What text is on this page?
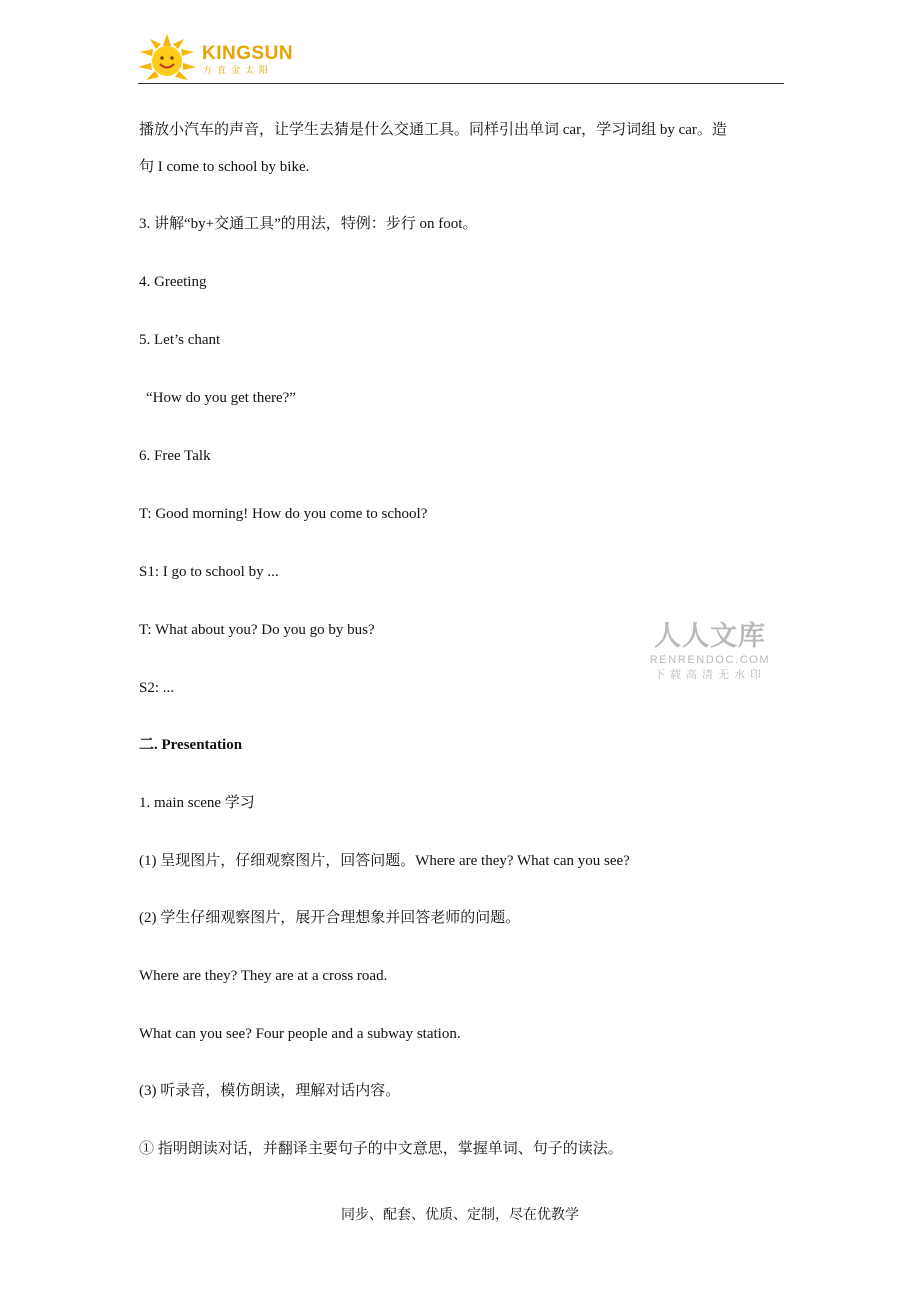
KINGSUN
方直金太阳
播放小汽车的声音，让学生去猜是什么交通工具。同样引出单词 car，学习词组 by car。造
句 I come to school by bike.
3. 讲解“by+交通工具”的用法，特例：步行 on foot。
4. Greeting
5. Let’s chant
“How do you get there?”
6. Free Talk
T: Good morning! How do you come to school?
S1: I go to school by ...
T: What about you? Do you go by bus?
S2: ...
二. Presentation
1. main scene 学习
(1) 呈现图片，仔细观察图片，回答问题。Where are they? What can you see?
(2) 学生仔细观察图片，展开合理想象并回答老师的问题。
Where are they? They are at a cross road.
What can you see? Four people and a subway station.
(3) 听录音，模仿朗读，理解对话内容。
① 指明朗读对话，并翻译主要句子的中文意思，掌握单词、句子的读法。
人人文库
RENRENDOC.COM
下载高清无水印
同步、配套、优质、定制，尽在优教学
